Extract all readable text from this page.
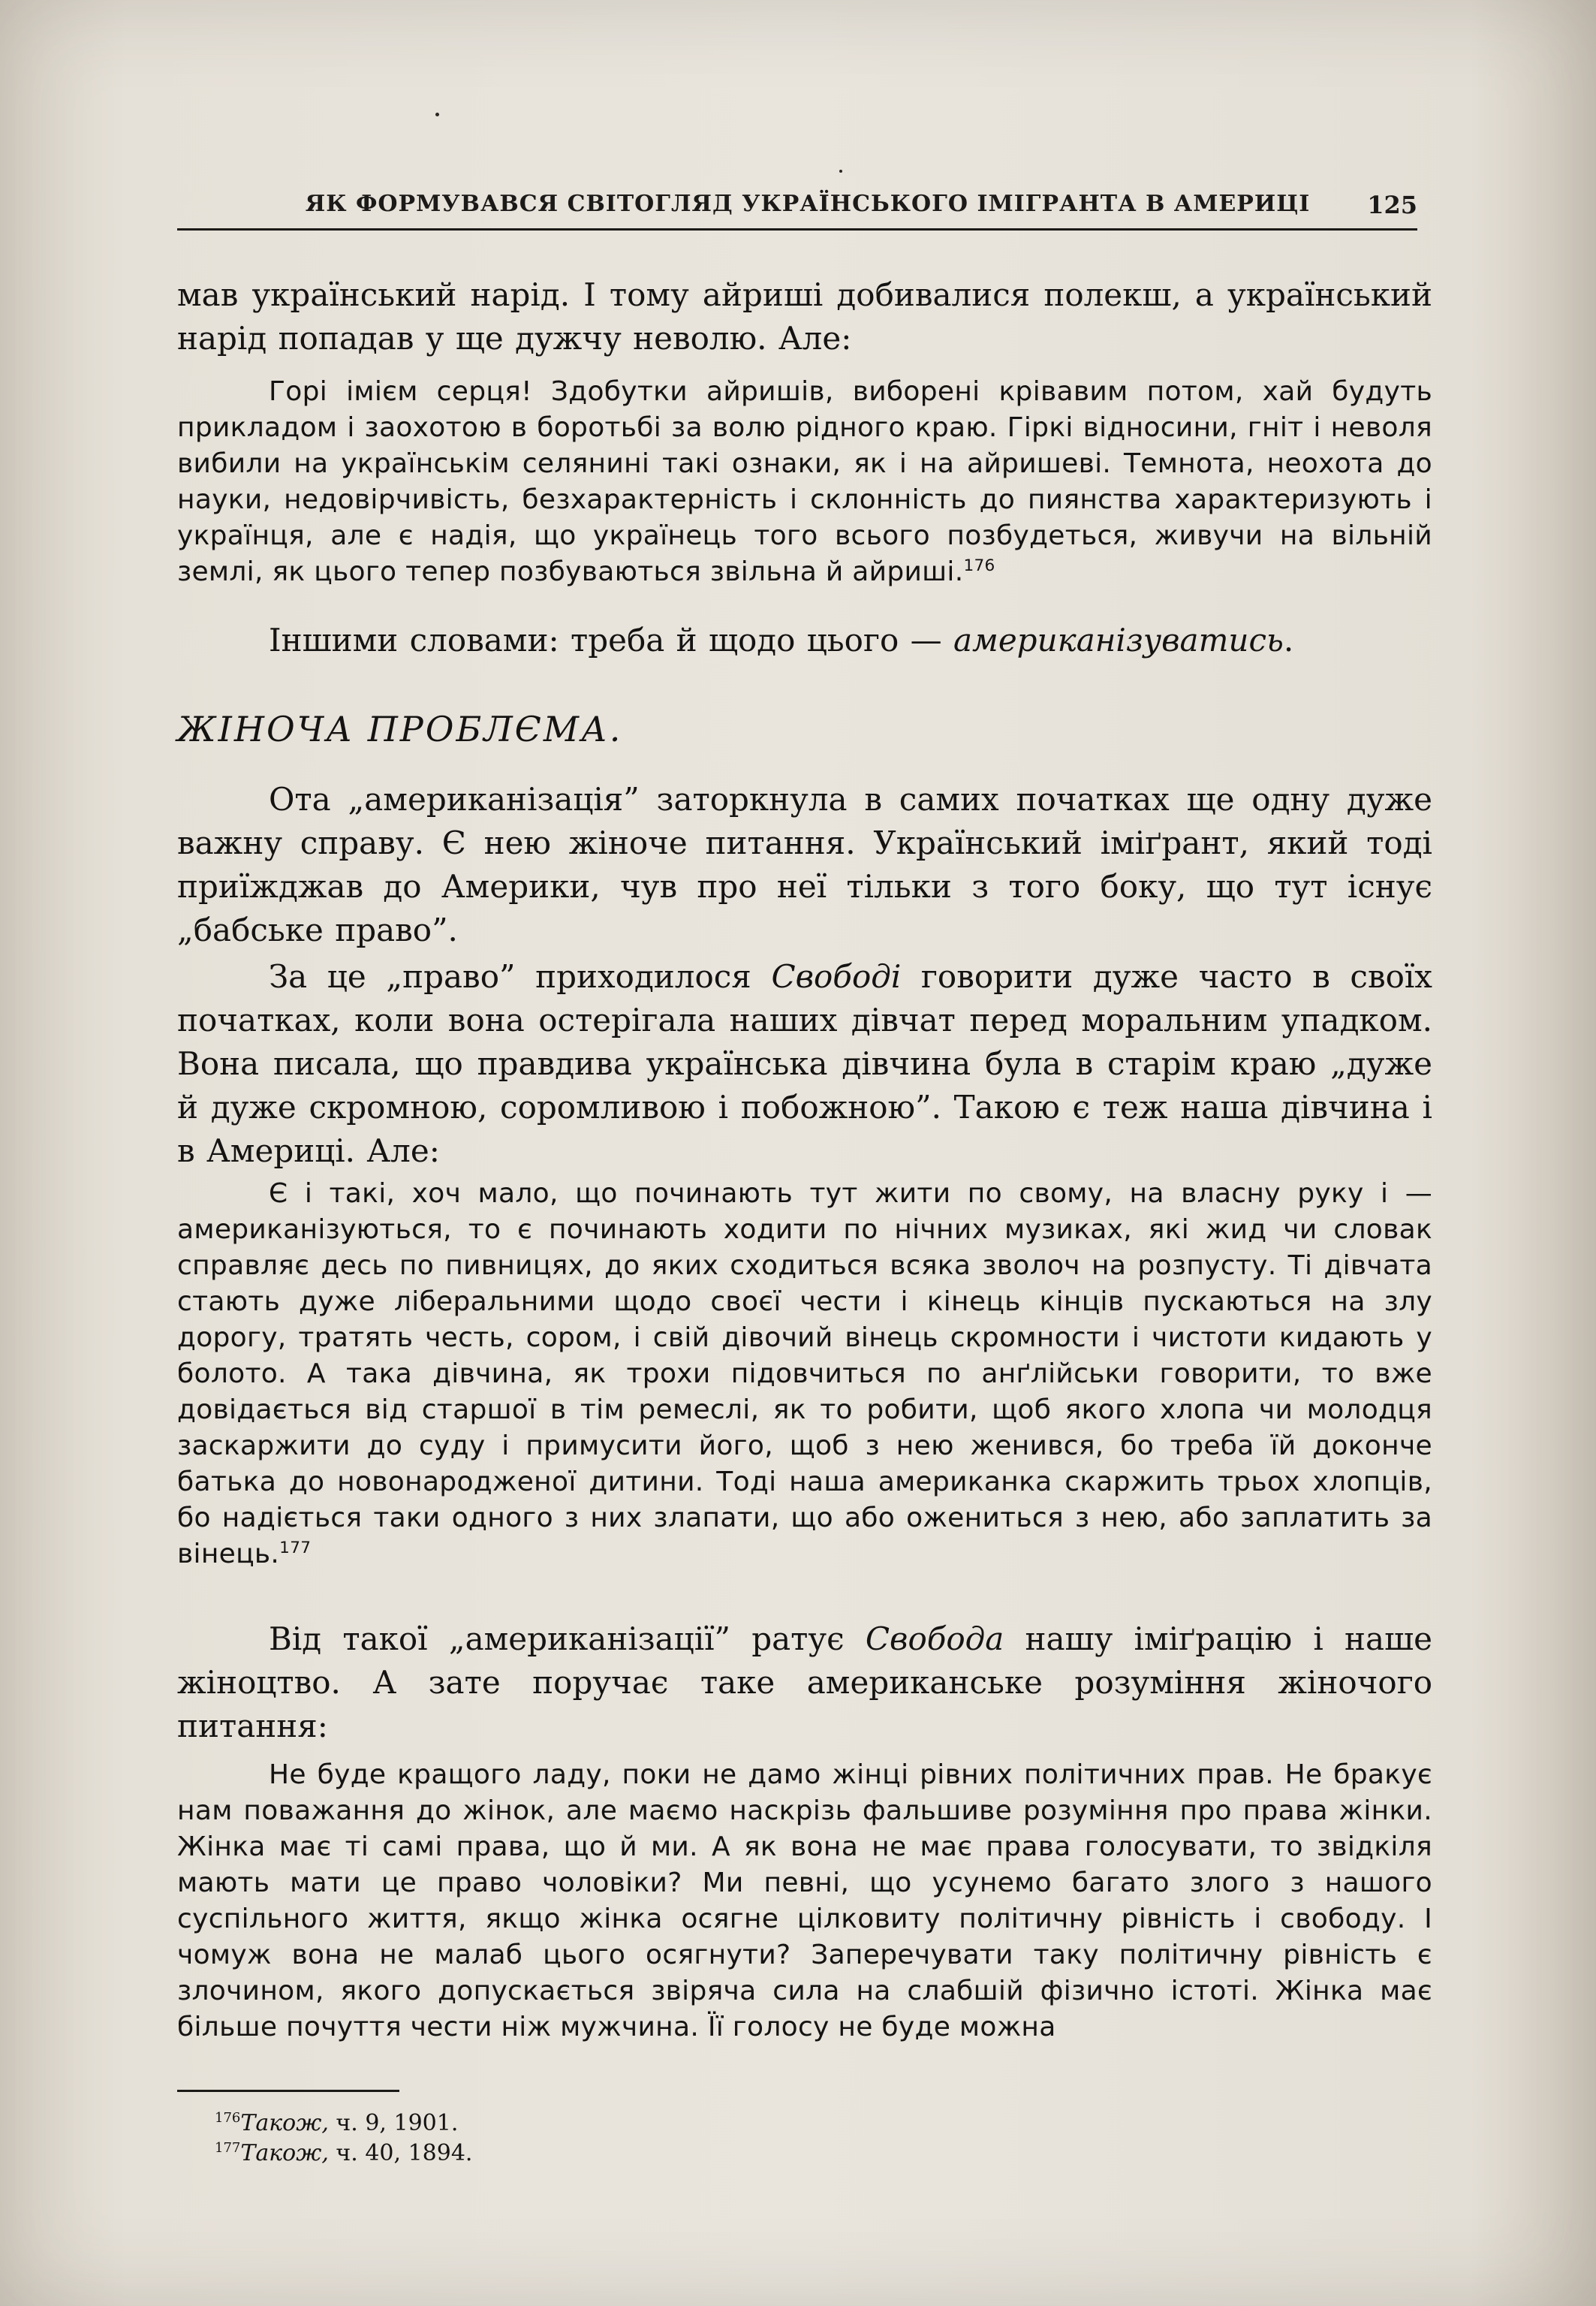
ЯК ФОРМУВАВСЯ СВІТОГЛЯД УКРАЇНСЬКОГО ІМІГРАНТА В АМЕРИЦІ	125

мав український нарід. І тому айриші добивалися полекш, а український нарід попадав у ще дужчу неволю. Але:

Горі імієм серця! Здобутки айришів, виборені крівавим потом, хай будуть прикладом і заохотою в боротьбі за волю рідного краю. Гіркі відносини, гніт і неволя вибили на українськім селянині такі ознаки, як і на айришеві. Темнота, неохота до науки, недовірчивість, безхарактерність і склонність до пиянства характеризують і українця, але є надія, що українець того всього позбудеться, живучи на вільній землі, як цього тепер позбуваються звільна й айриші.$^{176}$

Іншими словами: треба й щодо цього — американізуватись.

ЖІНОЧА ПРОБЛЄМА.

Ота „американізація” заторкнула в самих початках ще одну дуже важну справу. Є нею жіноче питання. Український іміґрант, який тоді приїжджав до Америки, чув про неї тільки з того боку, що тут існує „бабське право”.

За це „право” приходилося Свободі говорити дуже часто в своїх початках, коли вона остерігала наших дівчат перед моральним упадком. Вона писала, що правдива українська дівчина була в старім краю „дуже й дуже скромною, соромливою і побожною”. Такою є теж наша дівчина і в Америці. Але:

Є і такі, хоч мало, що починають тут жити по свому, на власну руку і — американізуються, то є починають ходити по нічних музиках, які жид чи словак справляє десь по пивницях, до яких сходиться всяка зволоч на розпусту. Ті дівчата стають дуже ліберальними щодо своєї чести і кінець кінців пускаються на злу дорогу, тратять честь, сором, і свій дівочий вінець скромности і чистоти кидають у болото. А така дівчина, як трохи підовчиться по анґлійськи говорити, то вже довідається від старшої в тім ремеслі, як то робити, щоб якого хлопа чи молодця заскаржити до суду і примусити його, щоб з нею женився, бо треба їй доконче батька до новонародженої дитини. Тоді наша американка скаржить трьох хлопців, бо надіється таки одного з них злапати, що або ожениться з нею, або заплатить за вінець.$^{177}$

Від такої „американізації” ратує Свобода нашу іміґрацію і наше жіноцтво. А зате поручає таке американське розуміння жіночого питання:

Не буде кращого ладу, поки не дамо жінці рівних політичних прав. Не бракує нам поважання до жінок, але маємо наскрізь фальшиве розуміння про права жінки. Жінка має ті самі права, що й ми. А як вона не має права голосувати, то звідкіля мають мати це право чоловіки? Ми певні, що усунемо багато злого з нашого суспільного життя, якщо жінка осягне цілковиту політичну рівність і свободу. І чомуж вона не малаб цього осягнути? Заперечувати таку політичну рівність є злочином, якого допускається звіряча сила на слабшій фізично істоті. Жінка має більше почуття чести ніж мужчина. Її голосу не буде можна

$^{176}$Також, ч. 9, 1901.

$^{177}$Також, ч. 40, 1894.
